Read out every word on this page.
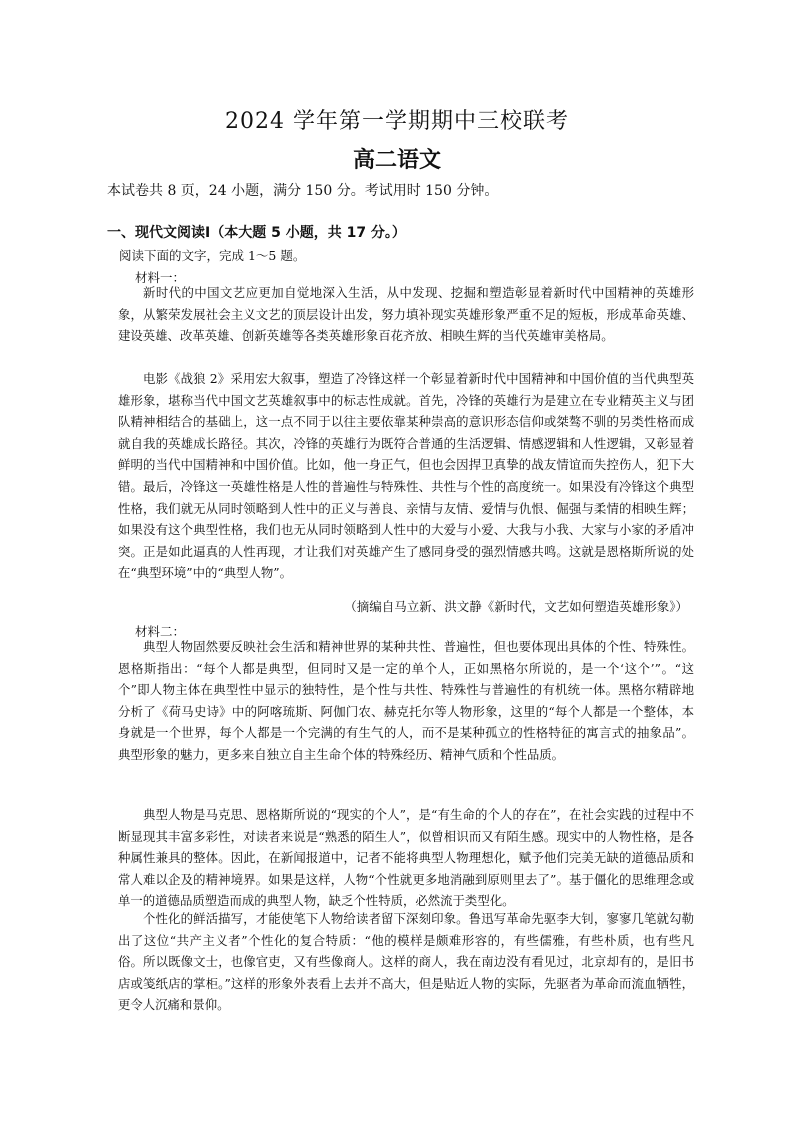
2024 学年第一学期期中三校联考
高二语文
本试卷共 8 页，24 小题，满分 150 分。考试用时 150 分钟。
一、现代文阅读Ⅰ（本大题 5 小题，共 17 分。）
阅读下面的文字，完成 1～5 题。
材料一：

新时代的中国文艺应更加自觉地深入生活，从中发现、挖掘和塑造彰显着新时代中国精神的英雄形象，从繁荣发展社会主义文艺的顶层设计出发，努力填补现实英雄形象严重不足的短板，形成革命英雄、建设英雄、改革英雄、创新英雄等各类英雄形象百花齐放、相映生辉的当代英雄审美格局。

电影《战狼 2》采用宏大叙事，塑造了冷锋这样一个彰显着新时代中国精神和中国价值的当代典型英雄形象，堪称当代中国文艺英雄叙事中的标志性成就。首先，冷锋的英雄行为是建立在专业精英主义与团队精神相结合的基础上，这一点不同于以往主要依靠某种崇高的意识形态信仰或桀骜不驯的另类性格而成就自我的英雄成长路径。其次，冷锋的英雄行为既符合普通的生活逻辑、情感逻辑和人性逻辑，又彰显着鲜明的当代中国精神和中国价值。比如，他一身正气，但也会因捍卫真挚的战友情谊而失控伤人，犯下大错。最后，冷锋这一英雄性格是人性的普遍性与特殊性、共性与个性的高度统一。如果没有冷锋这个典型性格，我们就无从同时领略到人性中的正义与善良、亲情与友情、爱情与仇恨、倔强与柔情的相映生辉；如果没有这个典型性格，我们也无从同时领略到人性中的大爱与小爱、大我与小我、大家与小家的矛盾冲突。正是如此逼真的人性再现，才让我们对英雄产生了感同身受的强烈情感共鸣。这就是恩格斯所说的处在“典型环境”中的“典型人物”。

（摘编自马立新、洪文静《新时代，文艺如何塑造英雄形象》）
材料二：

典型人物固然要反映社会生活和精神世界的某种共性、普遍性，但也要体现出具体的个性、特殊性。恩格斯指出：“每个人都是典型，但同时又是一定的单个人，正如黑格尔所说的，是一个‘这个’”。“这个”即人物主体在典型性中显示的独特性，是个性与共性、特殊性与普遍性的有机统一体。黑格尔精辟地分析了《荷马史诗》中的阿喀琉斯、阿伽门农、赫克托尔等人物形象，这里的“每个人都是一个整体，本身就是一个世界，每个人都是一个完满的有生气的人，而不是某种孤立的性格特征的寓言式的抽象品”。典型形象的魅力，更多来自独立自主生命个体的特殊经历、精神气质和个性品质。

典型人物是马克思、恩格斯所说的“现实的个人”，是“有生命的个人的存在”，在社会实践的过程中不断显现其丰富多彩性，对读者来说是“熟悉的陌生人”，似曾相识而又有陌生感。现实中的人物性格，是各种属性兼具的整体。因此，在新闻报道中，记者不能将典型人物理想化，赋予他们完美无缺的道德品质和常人难以企及的精神境界。如果是这样，人物“个性就更多地消融到原则里去了”。基于僵化的思维理念或单一的道德品质塑造而成的典型人物，缺乏个性特质，必然流于类型化。

个性化的鲜活描写，才能使笔下人物给读者留下深刻印象。鲁迅写革命先驱李大钊，寥寥几笔就勾勒出了这位“共产主义者”个性化的复合特质：“他的模样是颇难形容的，有些儒雅，有些朴质，也有些凡俗。所以既像文士，也像官吏，又有些像商人。这样的商人，我在南边没有看见过，北京却有的，是旧书店或笺纸店的掌柜。”这样的形象外表看上去并不高大，但是贴近人物的实际，先驱者为革命而流血牺牲，更令人沉痛和景仰。
